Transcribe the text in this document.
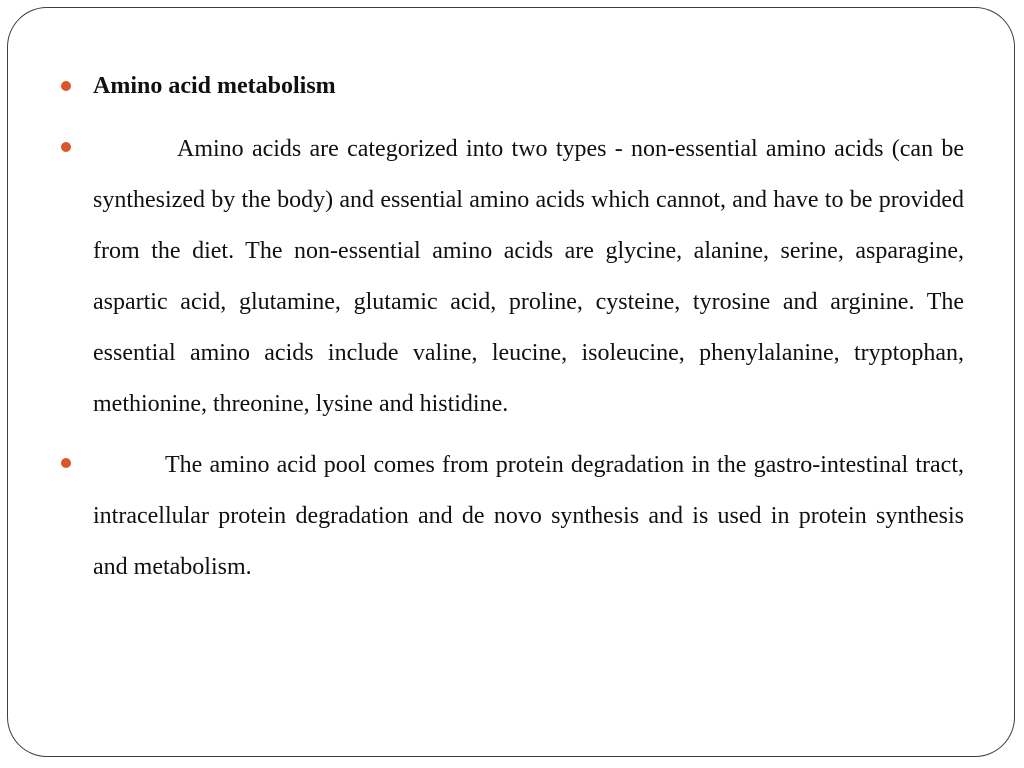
Amino acid metabolism
Amino acids are categorized into two types - non-essential amino acids (can be synthesized by the body) and essential amino acids which cannot, and have to be provided from the diet. The non-essential amino acids are glycine, alanine, serine, asparagine, aspartic acid, glutamine, glutamic acid, proline, cysteine, tyrosine and arginine. The essential amino acids include valine, leucine, isoleucine, phenylalanine, tryptophan, methionine, threonine, lysine and histidine.
The amino acid pool comes from protein degradation in the gastro-intestinal tract, intracellular protein degradation and de novo synthesis and is used in protein synthesis and metabolism.
